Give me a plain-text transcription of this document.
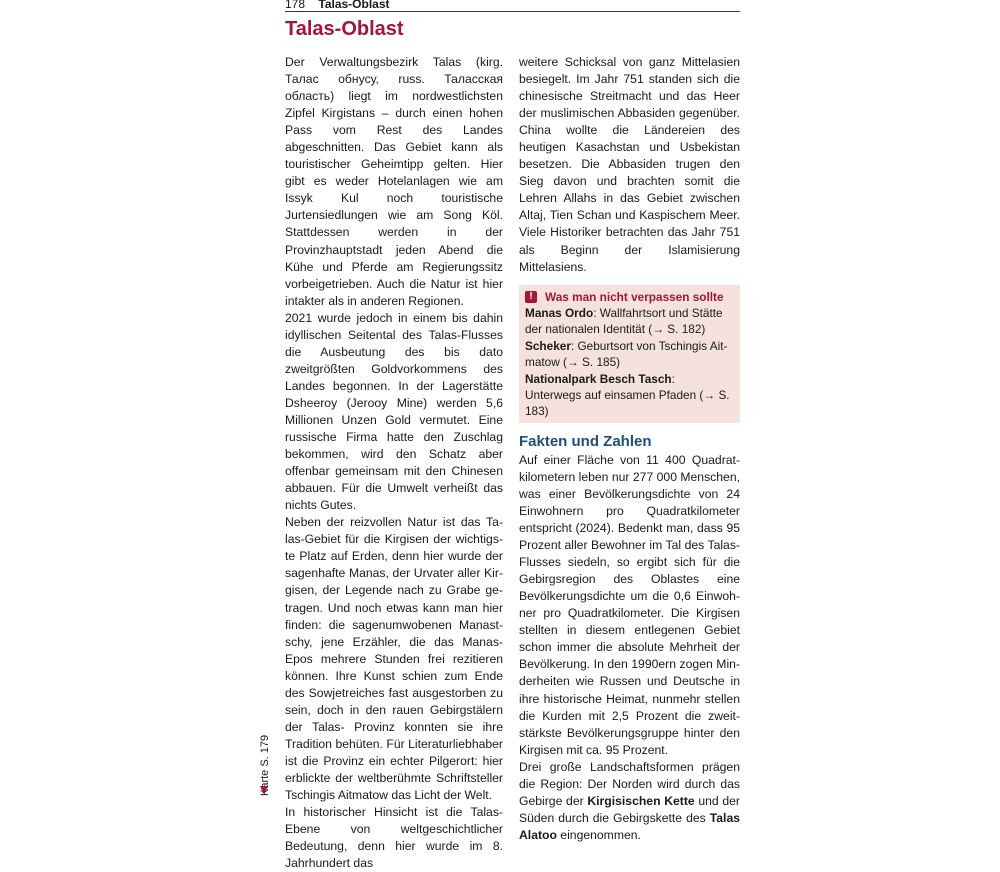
178 Talas-Oblast
Talas-Oblast

Der Verwaltungsbezirk Talas (kirg. Талас обнусу, russ. Таласская область) liegt im nordwestlichsten Zipfel Kirgistans – durch einen hohen Pass vom Rest des Landes abgeschnitten. Das Gebiet kann als touristischer Geheimtipp gelten. Hier gibt es weder Hotelanlagen wie am Issyk Kul noch touristische Jurtensiedlungen wie am Song Köl. Stattdessen werden in der Provinzhauptstadt jeden Abend die Kühe und Pferde am Regierungssitz vorbeigetrieben. Auch die Natur ist hier intakter als in anderen Regionen.

2021 wurde jedoch in einem bis dahin idyllischen Seitental des Talas-Flusses die Ausbeutung des bis dato zweitgrößten Goldvorkommens des Landes begonnen. In der Lagerstätte Dsheeroy (Jerooy Mine) werden 5,6 Millionen Unzen Gold vermutet. Eine russische Firma hatte den Zuschlag bekommen, wird den Schatz aber offenbar gemeinsam mit den Chinesen abbauen. Für die Umwelt verheißt das nichts Gutes.

Neben der reizvollen Natur ist das Talas-Gebiet für die Kirgisen der wichtigste Platz auf Erden, denn hier wurde der sagenhafte Manas, der Urvater aller Kirgisen, der Legende nach zu Grabe getragen. Und noch etwas kann man hier finden: die sagenumwobenen Manastschy, jene Erzähler, die das Manas-Epos mehrere Stunden frei rezitieren können. Ihre Kunst schien zum Ende des Sowjetreiches fast ausgestorben zu sein, doch in den rauen Gebirgstälern der Talas- Provinz konnten sie ihre Tradition behüten. Für Literaturliebhaber ist die Provinz ein echter Pilgerort: hier erblickte der weltberühmte Schriftsteller Tschingis Aitmatow das Licht der Welt.

In historischer Hinsicht ist die Talas-Ebene von weltgeschichtlicher Bedeutung, denn hier wurde im 8. Jahrhundert das

weitere Schicksal von ganz Mittelasien besiegelt. Im Jahr 751 standen sich die chinesische Streitmacht und das Heer der muslimischen Abbasiden gegenüber. China wollte die Ländereien des heutigen Kasachstan und Usbekistan besetzen. Die Abbasiden trugen den Sieg davon und brachten somit die Lehren Allahs in das Gebiet zwischen Altaj, Tien Schan und Kaspischem Meer. Viele Historiker betrachten das Jahr 751 als Beginn der Islamisierung Mittelasiens.

!	Was man nicht verpassen sollte
Manas Ordo: Wallfahrtsort und Stätte der nationalen Identität (→ S. 182)
Scheker: Geburtsort von Tschingis Aitmatow (→ S. 185)
Nationalpark Besch Tasch: Unterwegs auf einsamen Pfaden (→ S. 183)
Fakten und Zahlen

Auf einer Fläche von 11 400 Quadratkilometern leben nur 277 000 Menschen, was einer Bevölkerungsdichte von 24 Einwohnern pro Quadratkilometer entspricht (2024). Bedenkt man, dass 95 Prozent aller Bewohner im Tal des Talas-Flusses siedeln, so ergibt sich für die Gebirgsregion des Oblastes eine Bevölkerungsdichte um die 0,6 Einwohner pro Quadratkilometer. Die Kirgisen stellten in diesem entlegenen Gebiet schon immer die absolute Mehrheit der Bevölkerung. In den 1990ern zogen Minderheiten wie Russen und Deutsche in ihre historische Heimat, nunmehr stellen die Kurden mit 2,5 Prozent die zweitstärkste Bevölkerungsgruppe hinter den Kirgisen mit ca. 95 Prozent.

Drei große Landschaftsformen prägen die Region: Der Norden wird durch das Gebirge der Kirgisischen Kette und der Süden durch die Gebirgskette des Talas Alatoo eingenommen.

Karte S. 179
